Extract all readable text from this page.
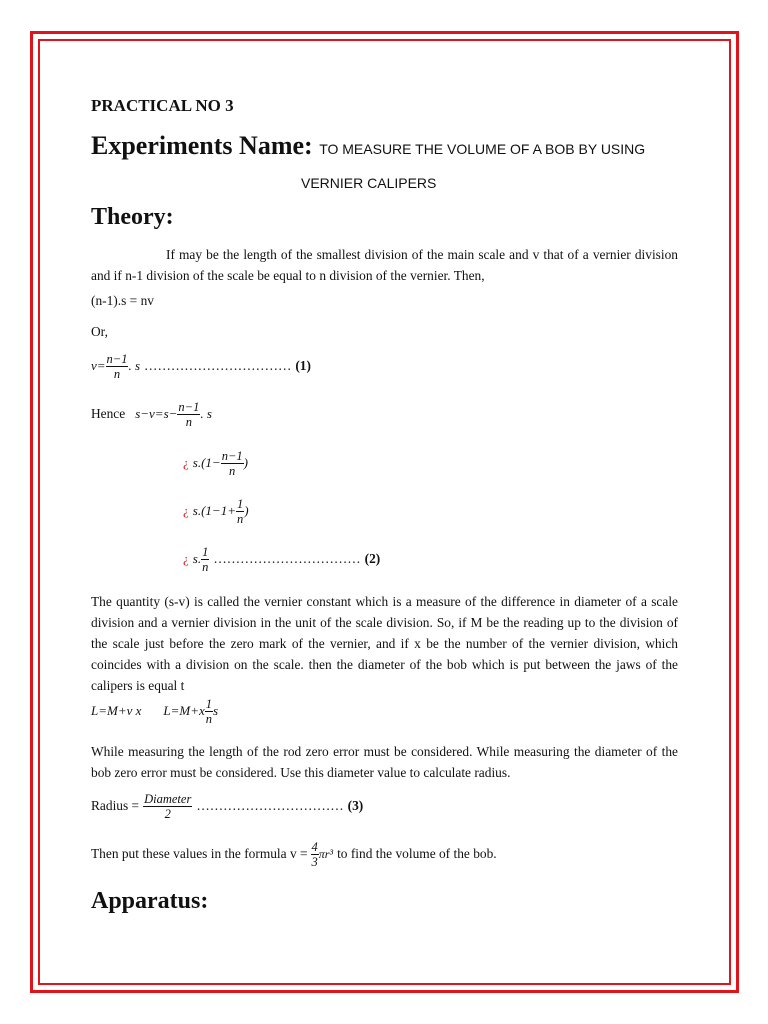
PRACTICAL NO 3
Experiments Name: TO MEASURE THE VOLUME OF A BOB BY USING
VERNIER CALIPERS
Theory:
If may be the length of the smallest division of the main scale and v that of a vernier division and if n-1 division of the scale be equal to n division of the vernier. Then,
(n-1).s = nv
Or,
$v= \frac{n-1}{n}$ . s …………………………… (1)
Hence $s-v=s- \frac{n-1}{n}$ . s
¿ $s.(1- \frac{n-1}{n}$ )
¿ $s.(1-1+ \frac{1}{n}$ )
¿ s. $\frac{1}{n}$ …………………………… (2)
The quantity (s-v) is called the vernier constant which is a measure of the difference in diameter of a scale division and a vernier division in the unit of the scale division. So, if M be the reading up to the division of the scale just before the zero mark of the vernier, and if x be the number of the vernier division, which coincides with a division on the scale. then the diameter of the bob which is put between the jaws of the calipers is equal t
L=M+v x $L=M+x \frac{1}{n}$ s
While measuring the length of the rod zero error must be considered. While measuring the diameter of the bob zero error must be considered. Use this diameter value to calculate radius.
Radius = $\frac{\text{Diameter}}{2}$ …………………………… (3)
Then put these values in the formula $v = \frac{4}{3} \pi r^3$ to find the volume of the bob.
Apparatus:
